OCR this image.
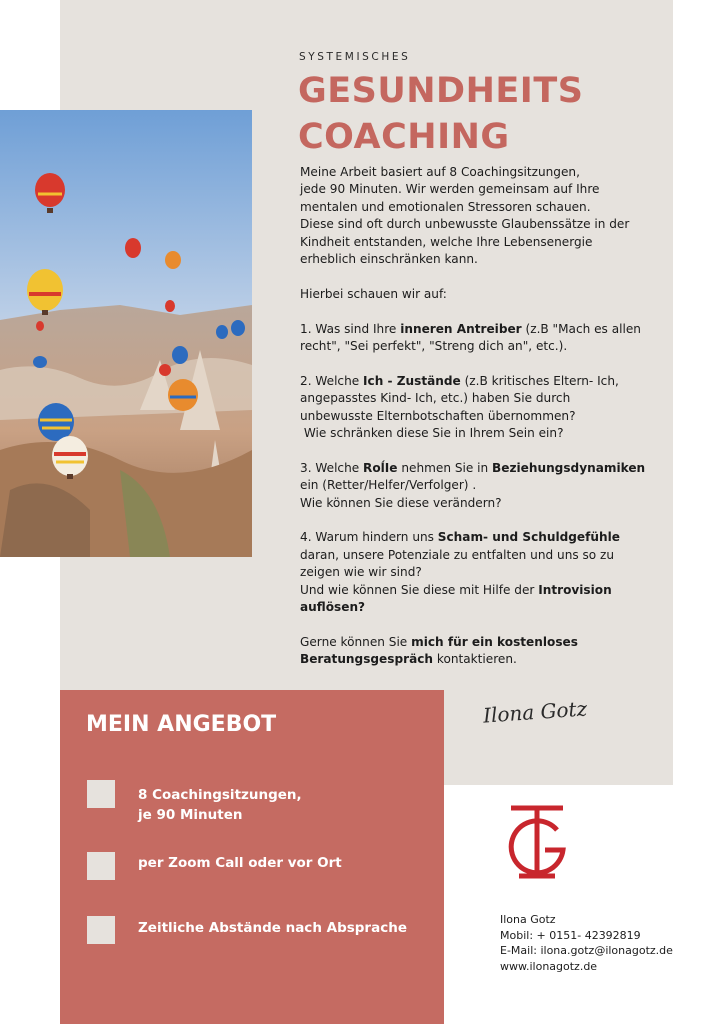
SYSTEMISCHES
GESUNDHEITS
COACHING

Meine Arbeit basiert auf 8 Coachingsitzungen,
jede 90 Minuten. Wir werden gemeinsam auf Ihre
mentalen und emotionalen Stressoren schauen.
Diese sind oft durch unbewusste Glaubenssätze in der
Kindheit entstanden, welche Ihre Lebensenergie
erheblich einschränken kann.

Hierbei schauen wir auf:

1. Was sind Ihre inneren Antreiber (z.B "Mach es allen
recht", "Sei perfekt", "Streng dich an", etc.).

2. Welche Ich - Zustände (z.B kritisches Eltern- Ich,
angepasstes Kind- Ich, etc.) haben Sie durch
unbewusste Elternbotschaften übernommen?
Wie schränken diese Sie in Ihrem Sein ein?

3. Welche RoĺIe nehmen Sie in Beziehungsdynamiken
ein (Retter/Helfer/Verfolger) .
Wie können Sie diese verändern?

4. Warum hindern uns Scham- und Schuldgefühle
daran, unsere Potenziale zu entfalten und uns so zu
zeigen wie wir sind?
Und wie können Sie diese mit Hilfe der Introvision
auflösen?

Gerne können Sie mich für ein kostenloses
Beratungsgespräch kontaktieren.

Ilona Gotz
MEIN ANGEBOT
8 Coachingsitzungen,
je 90 Minuten
per Zoom Call oder vor Ort
Zeitliche Abstände nach Absprache
Ilona Gotz
Mobil: + 0151- 42392819
E-Mail: ilona.gotz@ilonagotz.de
www.ilonagotz.de
